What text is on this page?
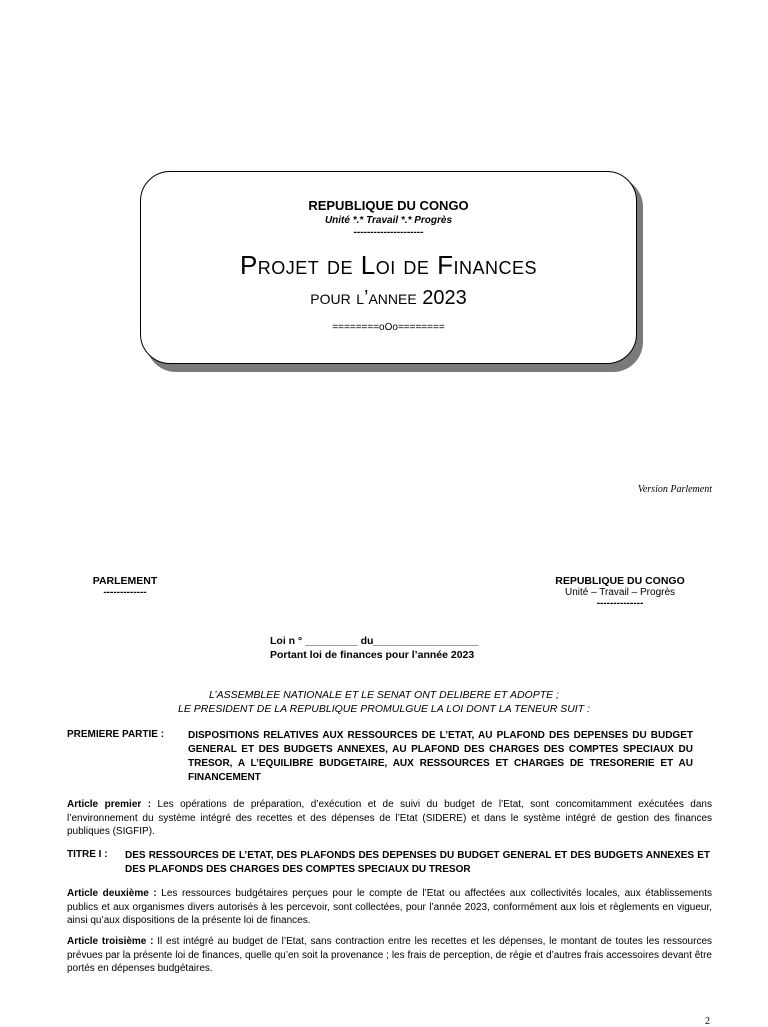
REPUBLIQUE DU CONGO
Unité *.* Travail *.* Progrès
---------------------
Projet de Loi de Finances
pour l’annee 2023
========oOo========
Version Parlement
PARLEMENT
-------------
REPUBLIQUE DU CONGO
Unité – Travail – Progrès
--------------
Loi n ° _________ du__________________
Portant loi de finances pour l’année 2023
L’ASSEMBLEE NATIONALE ET LE SENAT ONT DELIBERE ET ADOPTE ;
LE PRESIDENT DE LA REPUBLIQUE PROMULGUE LA LOI DONT LA TENEUR SUIT :
PREMIERE PARTIE : DISPOSITIONS RELATIVES AUX RESSOURCES DE L’ETAT, AU PLAFOND DES DEPENSES DU BUDGET GENERAL ET DES BUDGETS ANNEXES, AU PLAFOND DES CHARGES DES COMPTES SPECIAUX DU TRESOR, A L’EQUILIBRE BUDGETAIRE, AUX RESSOURCES ET CHARGES DE TRESORERIE ET AU FINANCEMENT
Article premier : Les opérations de préparation, d’exécution et de suivi du budget de l’Etat, sont concomitamment exécutées dans l’environnement du système intégré des recettes et des dépenses de l’Etat (SIDERE) et dans le système intégré de gestion des finances publiques (SIGFIP).
TITRE I : DES RESSOURCES DE L’ETAT, DES PLAFONDS DES DEPENSES DU BUDGET GENERAL ET DES BUDGETS ANNEXES ET DES PLAFONDS DES CHARGES DES COMPTES SPECIAUX DU TRESOR
Article deuxième : Les ressources budgétaires perçues pour le compte de l’Etat ou affectées aux collectivités locales, aux établissements publics et aux organismes divers autorisés à les percevoir, sont collectées, pour l’année 2023, conformément aux lois et règlements en vigueur, ainsi qu’aux dispositions de la présente loi de finances.
Article troisième : Il est intégré au budget de l’Etat, sans contraction entre les recettes et les dépenses, le montant de toutes les ressources prévues par la présente loi de finances, quelle qu’en soit la provenance ; les frais de perception, de régie et d’autres frais accessoires devant être portés en dépenses budgétaires.
2
